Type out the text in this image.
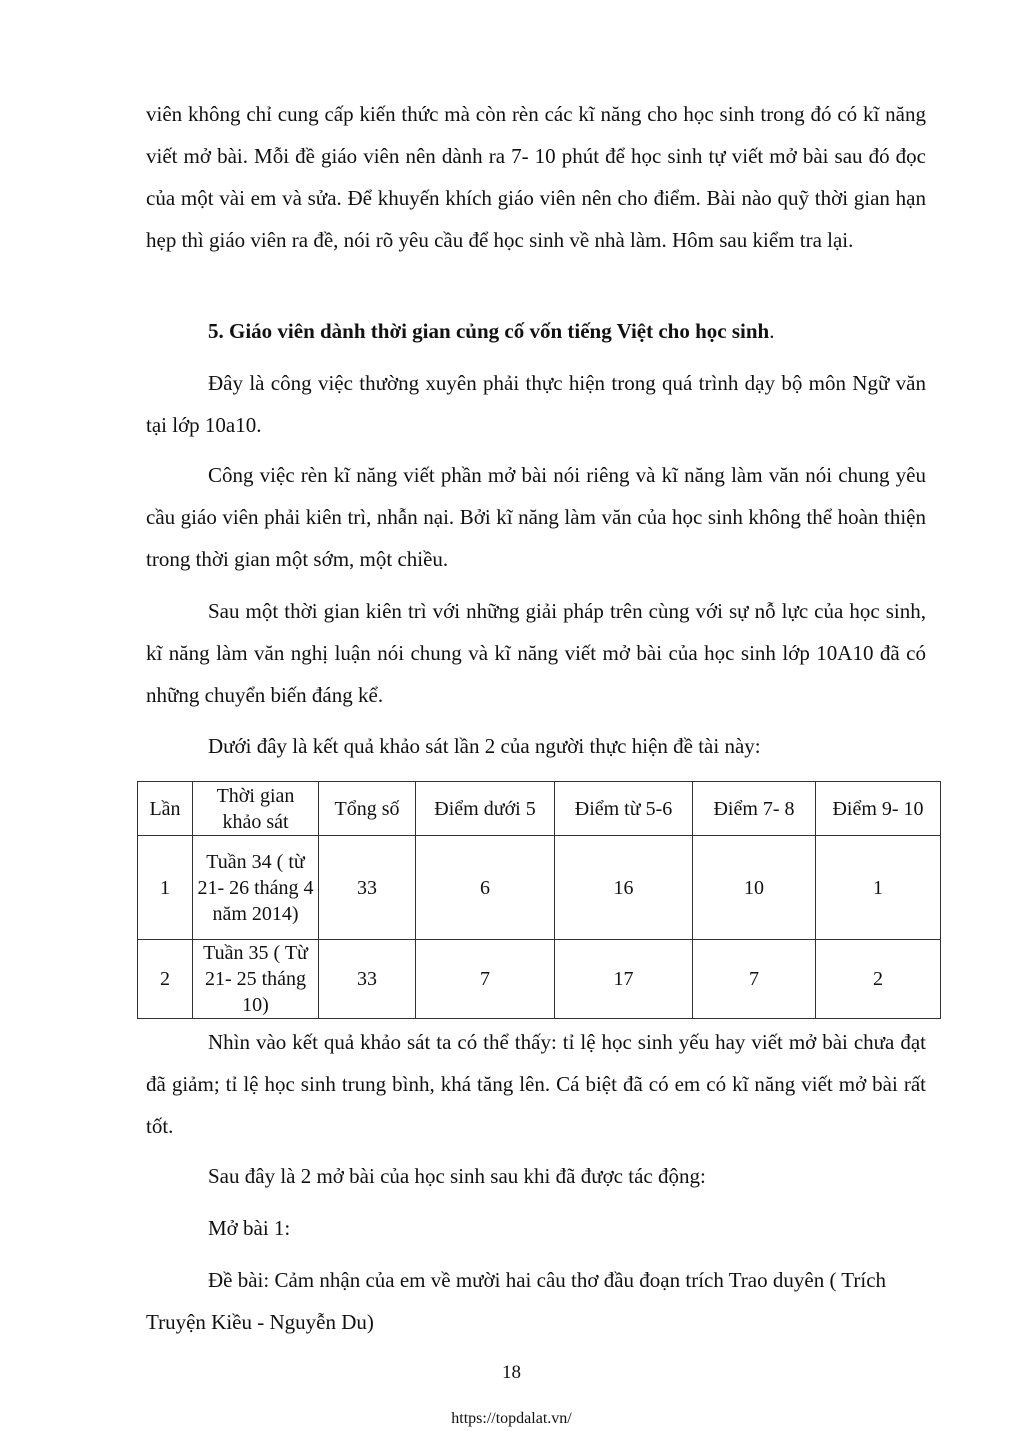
viên không chỉ cung cấp kiến thức mà còn rèn các kĩ năng cho học sinh trong đó có kĩ năng viết mở bài. Mỗi đề giáo viên nên dành ra 7- 10 phút để học sinh tự viết mở bài sau đó đọc của một vài em và sửa. Để khuyến khích giáo viên nên cho điểm. Bài nào quỹ thời gian hạn hẹp thì giáo viên ra đề, nói rõ yêu cầu để học sinh về nhà làm. Hôm sau kiểm tra lại.

5. Giáo viên dành thời gian củng cố vốn tiếng Việt cho học sinh.

Đây là công việc thường xuyên phải thực hiện trong quá trình dạy bộ môn Ngữ văn tại lớp 10a10.

Công việc rèn kĩ năng viết phần mở bài nói riêng và kĩ năng làm văn nói chung yêu cầu giáo viên phải kiên trì, nhẫn nại. Bởi kĩ năng làm văn của học sinh không thể hoàn thiện trong thời gian một sớm, một chiều.

Sau một thời gian kiên trì với những giải pháp trên cùng với sự nỗ lực của học sinh, kĩ năng làm văn nghị luận nói chung và kĩ năng viết mở bài của học sinh lớp 10A10 đã có những chuyển biến đáng kể.

Dưới đây là kết quả khảo sát lần 2 của người thực hiện đề tài này:

Lần	Thời gian khảo sát	Tổng số	Điểm dưới 5	Điểm từ 5-6	Điểm 7- 8	Điểm 9- 10
1	Tuần 34 ( từ 21- 26 tháng 4 năm 2014)	33	6	16	10	1
2	Tuần 35 ( Từ 21- 25 tháng 10)	33	7	17	7	2

Nhìn vào kết quả khảo sát ta có thể thấy: tỉ lệ học sinh yếu hay viết mở bài chưa đạt đã giảm; tỉ lệ học sinh trung bình, khá tăng lên. Cá biệt đã có em có kĩ năng viết mở bài rất tốt.

Sau đây là 2 mở bài của học sinh sau khi đã được tác động:

Mở bài 1:

Đề bài: Cảm nhận của em về mười hai câu thơ đầu đoạn trích Trao duyên ( Trích Truyện Kiều - Nguyễn Du)

18
https://topdalat.vn/
